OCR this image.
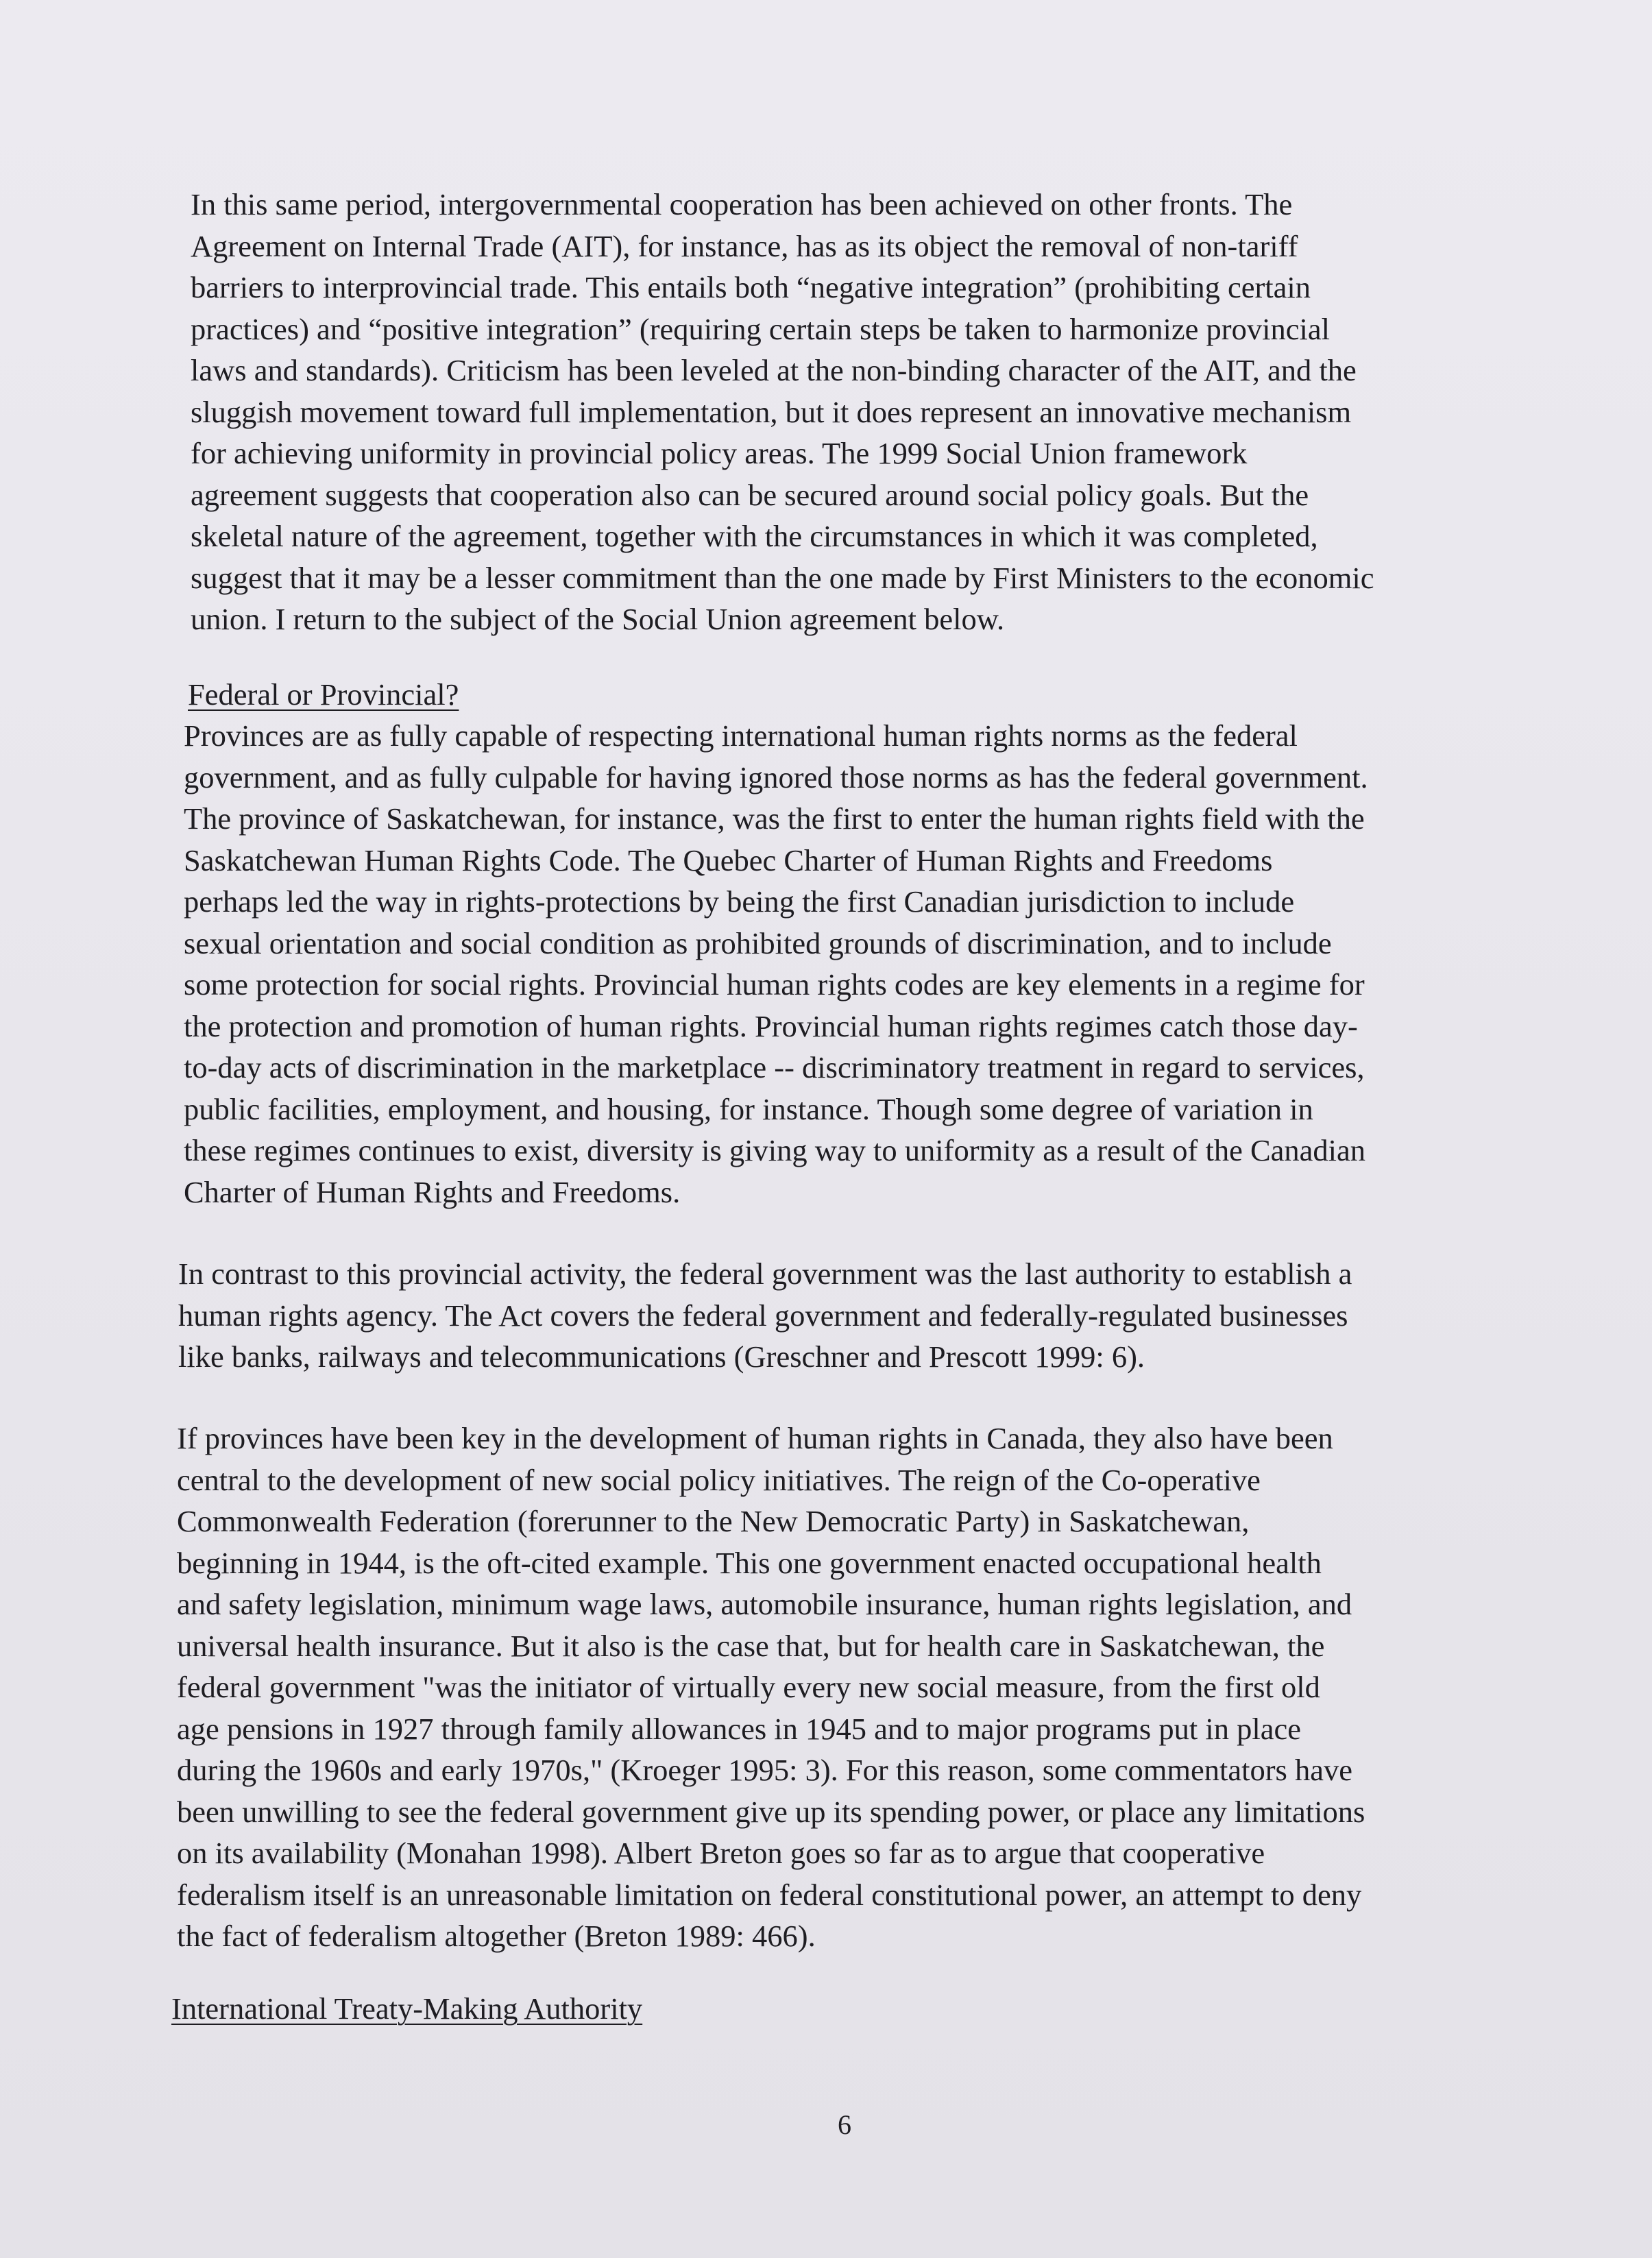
In this same period, intergovernmental cooperation has been achieved on other fronts. The
Agreement on Internal Trade (AIT), for instance, has as its object the removal of non-tariff
barriers to interprovincial trade. This entails both “negative integration” (prohibiting certain
practices) and “positive integration” (requiring certain steps be taken to harmonize provincial
laws and standards). Criticism has been leveled at the non-binding character of the AIT, and the
sluggish movement toward full implementation, but it does represent an innovative mechanism
for achieving uniformity in provincial policy areas. The 1999 Social Union framework
agreement suggests that cooperation also can be secured around social policy goals. But the
skeletal nature of the agreement, together with the circumstances in which it was completed,
suggest that it may be a lesser commitment than the one made by First Ministers to the economic
union. I return to the subject of the Social Union agreement below.

Federal or Provincial?

Provinces are as fully capable of respecting international human rights norms as the federal
government, and as fully culpable for having ignored those norms as has the federal government.
The province of Saskatchewan, for instance, was the first to enter the human rights field with the
Saskatchewan Human Rights Code. The Quebec Charter of Human Rights and Freedoms
perhaps led the way in rights-protections by being the first Canadian jurisdiction to include
sexual orientation and social condition as prohibited grounds of discrimination, and to include
some protection for social rights. Provincial human rights codes are key elements in a regime for
the protection and promotion of human rights. Provincial human rights regimes catch those day-
to-day acts of discrimination in the marketplace -- discriminatory treatment in regard to services,
public facilities, employment, and housing, for instance. Though some degree of variation in
these regimes continues to exist, diversity is giving way to uniformity as a result of the Canadian
Charter of Human Rights and Freedoms.

In contrast to this provincial activity, the federal government was the last authority to establish a
human rights agency. The Act covers the federal government and federally-regulated businesses
like banks, railways and telecommunications (Greschner and Prescott 1999: 6).

If provinces have been key in the development of human rights in Canada, they also have been
central to the development of new social policy initiatives. The reign of the Co-operative
Commonwealth Federation (forerunner to the New Democratic Party) in Saskatchewan,
beginning in 1944, is the oft-cited example. This one government enacted occupational health
and safety legislation, minimum wage laws, automobile insurance, human rights legislation, and
universal health insurance. But it also is the case that, but for health care in Saskatchewan, the
federal government "was the initiator of virtually every new social measure, from the first old
age pensions in 1927 through family allowances in 1945 and to major programs put in place
during the 1960s and early 1970s," (Kroeger 1995: 3). For this reason, some commentators have
been unwilling to see the federal government give up its spending power, or place any limitations
on its availability (Monahan 1998). Albert Breton goes so far as to argue that cooperative
federalism itself is an unreasonable limitation on federal constitutional power, an attempt to deny
the fact of federalism altogether (Breton 1989: 466).

International Treaty-Making Authority

6
